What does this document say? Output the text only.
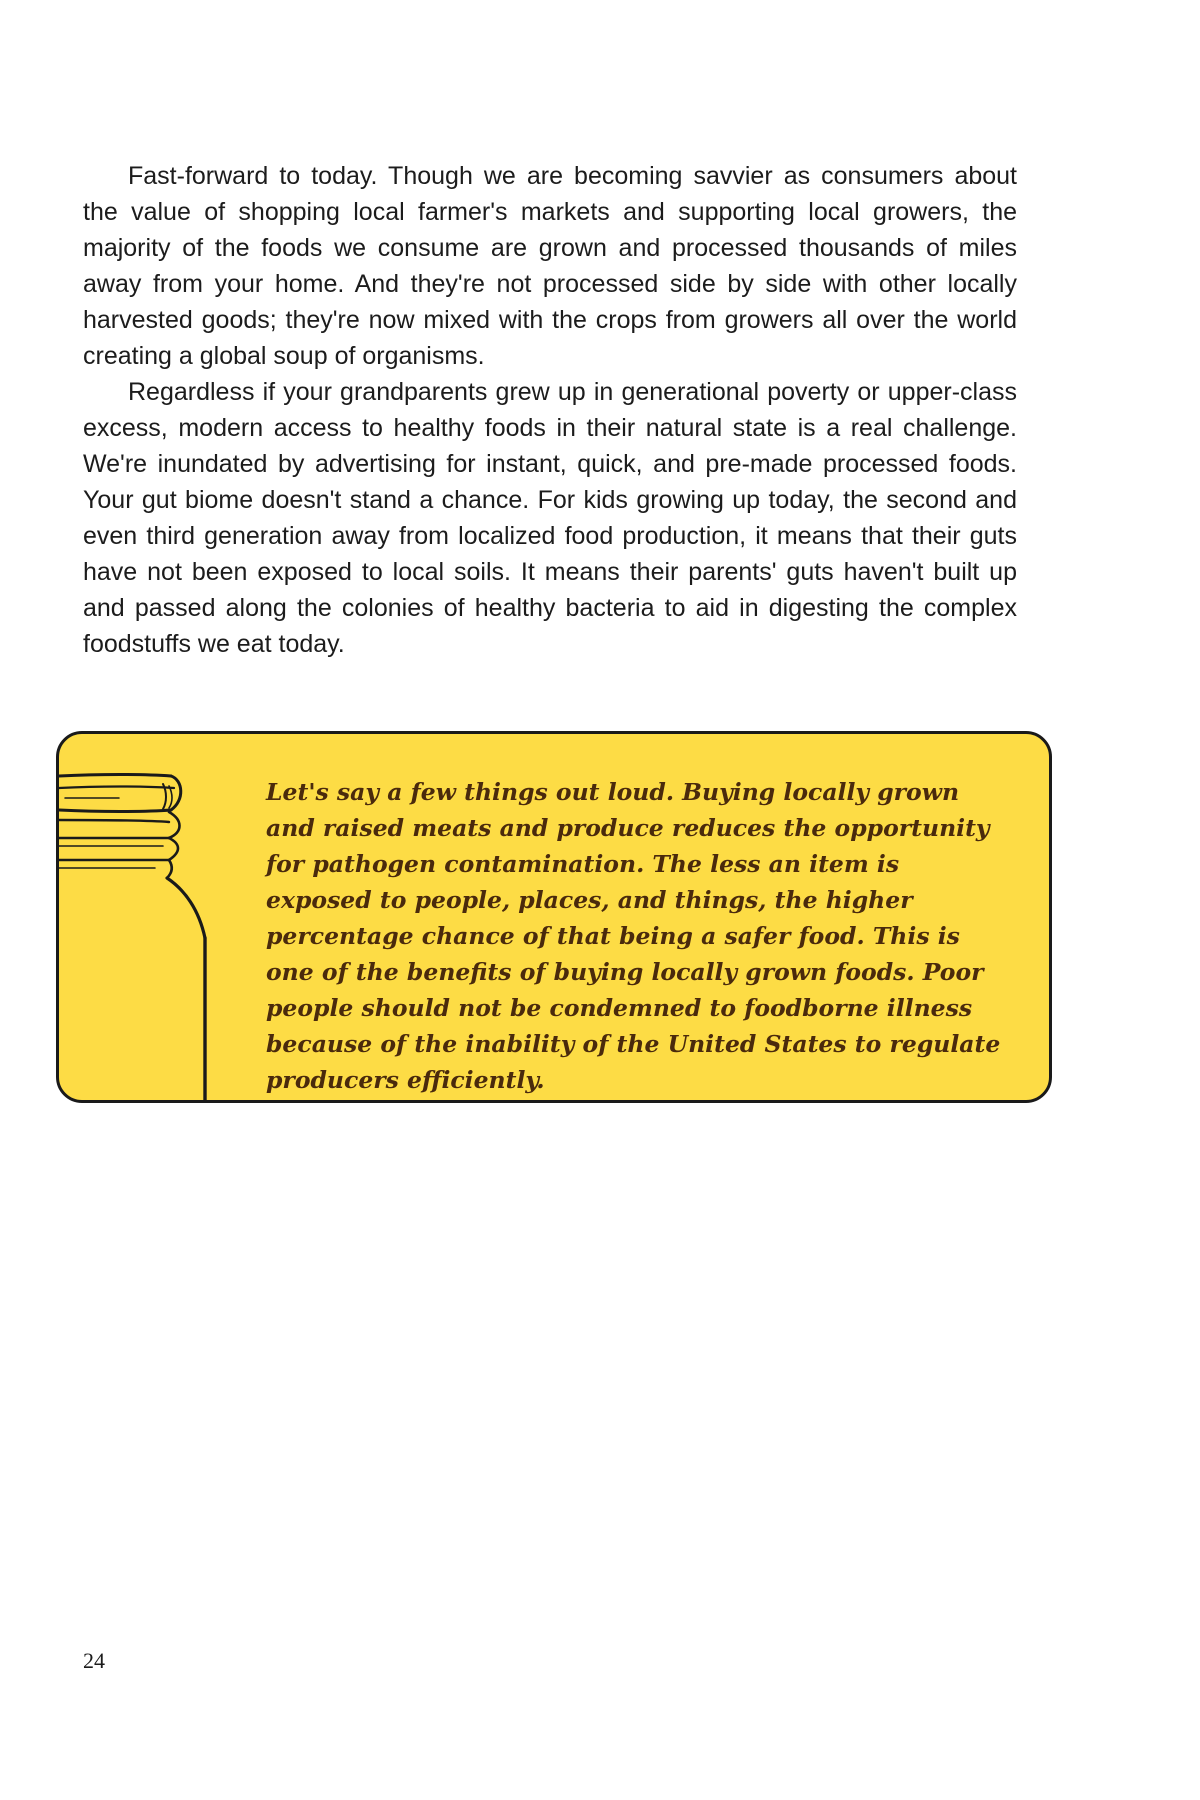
Fast-forward to today. Though we are becoming savvier as consumers about the value of shopping local farmer's markets and supporting local growers, the majority of the foods we consume are grown and processed thousands of miles away from your home. And they're not processed side by side with other locally harvested goods; they're now mixed with the crops from growers all over the world creating a global soup of organisms.

Regardless if your grandparents grew up in generational poverty or upper-class excess, modern access to healthy foods in their natural state is a real challenge. We're inundated by advertising for instant, quick, and pre-made processed foods. Your gut biome doesn't stand a chance. For kids growing up today, the second and even third generation away from localized food production, it means that their guts have not been exposed to local soils. It means their parents' guts haven't built up and passed along the colonies of healthy bacteria to aid in digesting the complex foodstuffs we eat today.

Let's say a few things out loud. Buying locally grown and raised meats and produce reduces the opportunity for pathogen contamination. The less an item is exposed to people, places, and things, the higher percentage chance of that being a safer food. This is one of the benefits of buying locally grown foods. Poor people should not be condemned to foodborne illness because of the inability of the United States to regulate producers efficiently.

24
